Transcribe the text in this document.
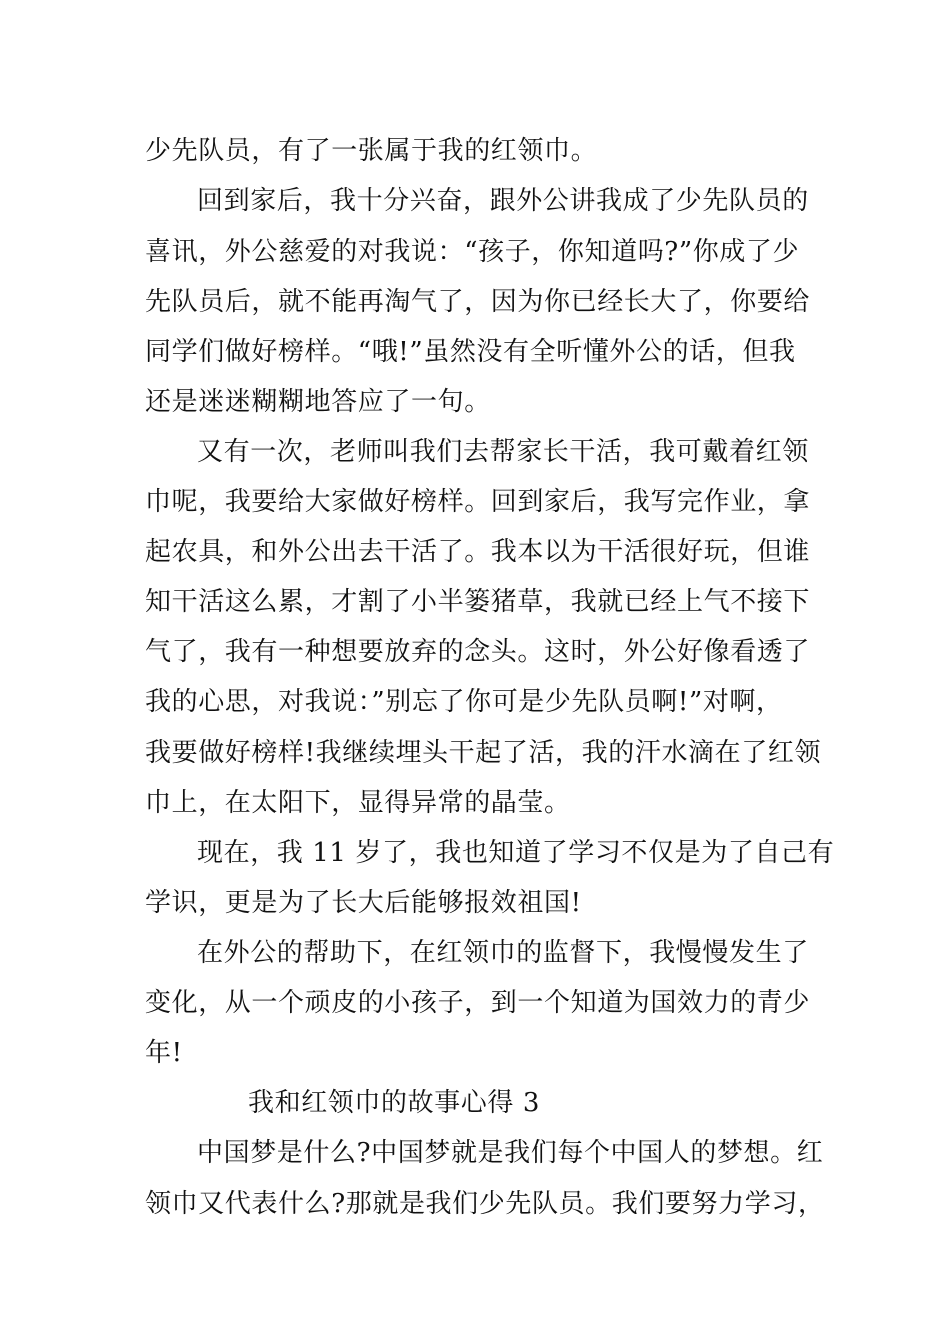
少先队员，有了一张属于我的红领巾。
回到家后，我十分兴奋，跟外公讲我成了少先队员的
喜讯，外公慈爱的对我说：“孩子，你知道吗?”你成了少
先队员后，就不能再淘气了，因为你已经长大了，你要给
同学们做好榜样。“哦!”虽然没有全听懂外公的话，但我
还是迷迷糊糊地答应了一句。
又有一次，老师叫我们去帮家长干活，我可戴着红领
巾呢，我要给大家做好榜样。回到家后，我写完作业，拿
起农具，和外公出去干活了。我本以为干活很好玩，但谁
知干活这么累，才割了小半篓猪草，我就已经上气不接下
气了，我有一种想要放弃的念头。这时，外公好像看透了
我的心思，对我说：”别忘了你可是少先队员啊!”对啊，
我要做好榜样!我继续埋头干起了活，我的汗水滴在了红领
巾上，在太阳下，显得异常的晶莹。
现在，我 11 岁了，我也知道了学习不仅是为了自己有
学识，更是为了长大后能够报效祖国!
在外公的帮助下，在红领巾的监督下，我慢慢发生了
变化，从一个顽皮的小孩子，到一个知道为国效力的青少
年!
我和红领巾的故事心得 3
中国梦是什么?中国梦就是我们每个中国人的梦想。红
领巾又代表什么?那就是我们少先队员。我们要努力学习，
